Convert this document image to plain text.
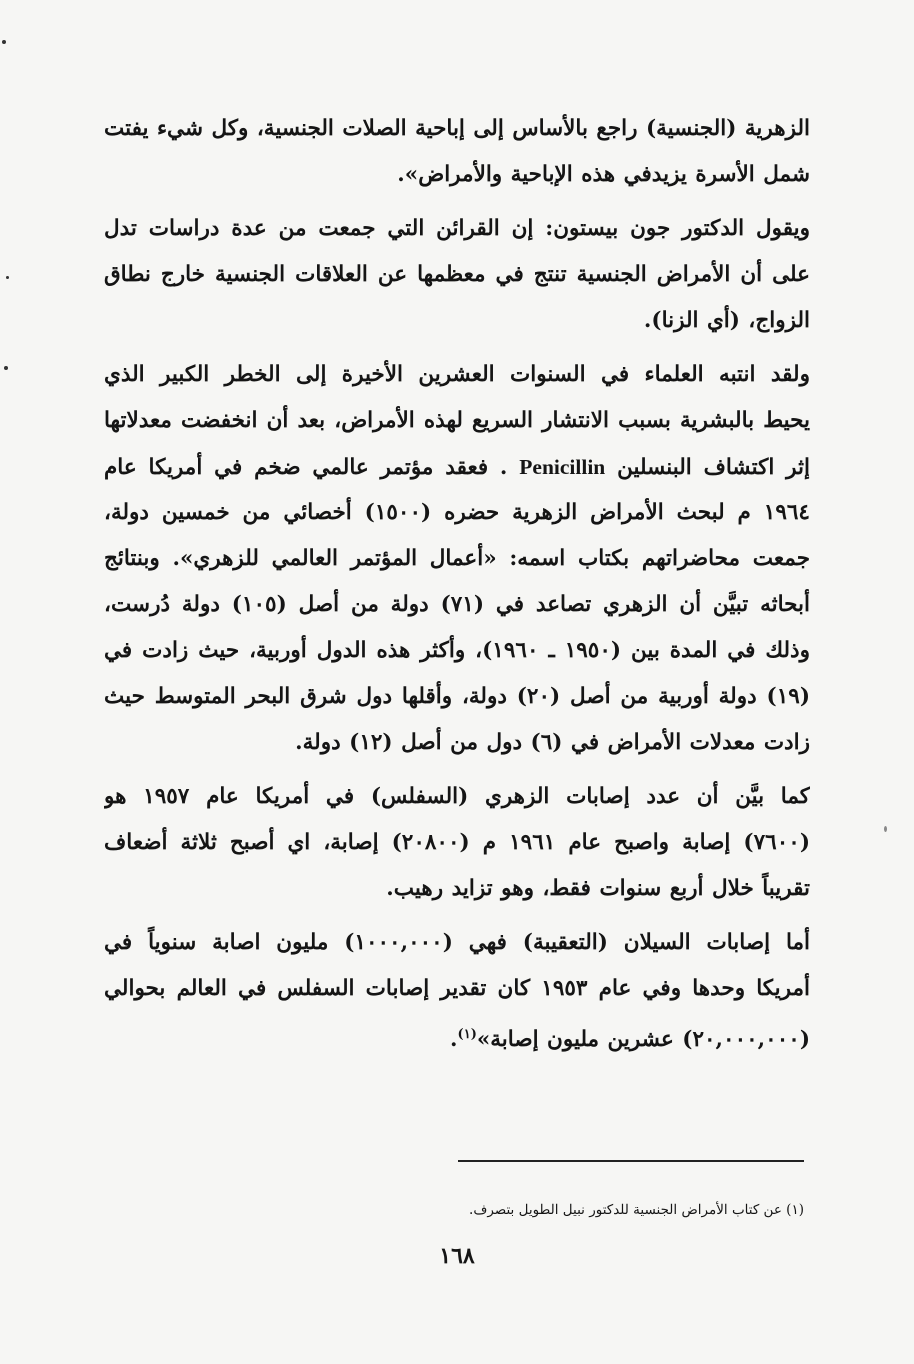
الزهرية (الجنسية) راجع بالأساس إلى إباحية الصلات الجنسية، وكل شيء يفتت
شمل الأسرة يزيدفي هذه الإباحية والأمراض».
ويقول الدكتور جون بيستون: إن القرائن التي جمعت من عدة دراسات تدل
على أن الأمراض الجنسية تنتج في معظمها عن العلاقات الجنسية خارج نطاق
الزواج، (أي الزنا).
ولقد انتبه العلماء في السنوات العشرين الأخيرة إلى الخطر الكبير الذي
يحيط بالبشرية بسبب الانتشار السريع لهذه الأمراض، بعد أن انخفضت معدلاتها
إثر اكتشاف البنسلين Penicillin . فعقد مؤتمر عالمي ضخم في أمريكا عام
١٩٦٤ م لبحث الأمراض الزهرية حضره (١٥٠٠) أخصائي من خمسين دولة،
جمعت محاضراتهم بكتاب اسمه: «أعمال المؤتمر العالمي للزهري». وبنتائج
أبحاثه تبيَّن أن الزهري تصاعد في (٧١) دولة من أصل (١٠٥) دولة دُرست،
وذلك في المدة بين (١٩٥٠ ـ ١٩٦٠)، وأكثر هذه الدول أوربية، حيث زادت في
(١٩) دولة أوربية من أصل (٢٠) دولة، وأقلها دول شرق البحر المتوسط حيث
زادت معدلات الأمراض في (٦) دول من أصل (١٢) دولة.
كما بيَّن أن عدد إصابات الزهري (السفلس) في أمريكا عام ١٩٥٧ هو
(٧٦٠٠) إصابة واصبح عام ١٩٦١ م (٢٠٨٠٠) إصابة، اي أصبح ثلاثة أضعاف
تقريباً خلال أربع سنوات فقط، وهو تزايد رهيب.
أما إصابات السيلان (التعقيبة) فهي (١٠٠٠,٠٠٠) مليون اصابة سنوياً في
أمريكا وحدها وفي عام ١٩٥٣ كان تقدير إصابات السفلس في العالم بحوالي
(٢٠,٠٠٠,٠٠٠) عشرين مليون إصابة»$^{(١)}$.
(١) عن كتاب الأمراض الجنسية للدكتور نبيل الطويل بتصرف.
١٦٨
